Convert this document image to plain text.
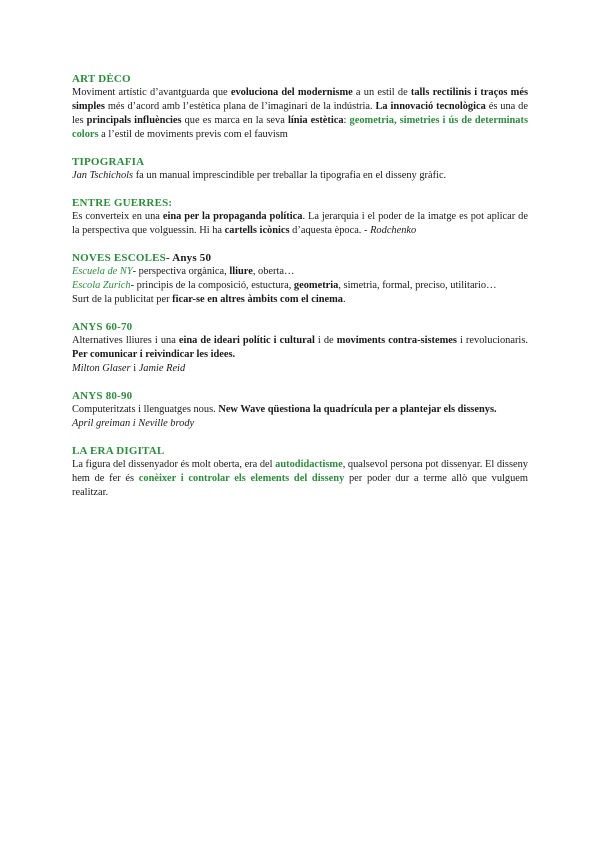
ART DÈCO

Moviment artístic d’avantguarda que evoluciona del modernisme a un estil de talls rectilinis i traços més simples més d’acord amb l’estètica plana de l’imaginari de la indústria. La innovació tecnològica és una de les principals influències que es marca en la seva línia estètica: geometria, simetries i ús de determinats colors a l’estil de moviments previs com el fauvism

TIPOGRAFIA

Jan Tschichols fa un manual imprescindible per treballar la tipografia en el disseny gràfic.

ENTRE GUERRES:

Es converteix en una eina per la propaganda política. La jerarquia i el poder de la imatge es pot aplicar de la perspectiva que volguessin. Hi ha cartells icònics d’aquesta època. - Rodchenko

NOVES ESCOLES- Anys 50

Escuela de NY- perspectiva orgànica, lliure, oberta…

Escola Zurich- principis de la composició, estuctura, geometria, simetria, formal, preciso, utilitario…

Surt de la publicitat per ficar-se en altres àmbits com el cinema.

ANYS 60-70

Alternatives lliures i una eina de ideari polític i cultural i de moviments contra-sistemes i revolucionaris. Per comunicar i reivindicar les idees.

Milton Glaser i Jamie Reid

ANYS 80-90

Computeritzats i llenguatges nous. New Wave qüestiona la quadrícula per a plantejar els dissenys.

April greiman i Neville brody

LA ERA DIGITAL

La figura del dissenyador és molt oberta, era del autodidactisme, qualsevol persona pot dissenyar. El disseny hem de fer és conèixer i controlar els elements del disseny per poder dur a terme allò que vulguem realitzar.
